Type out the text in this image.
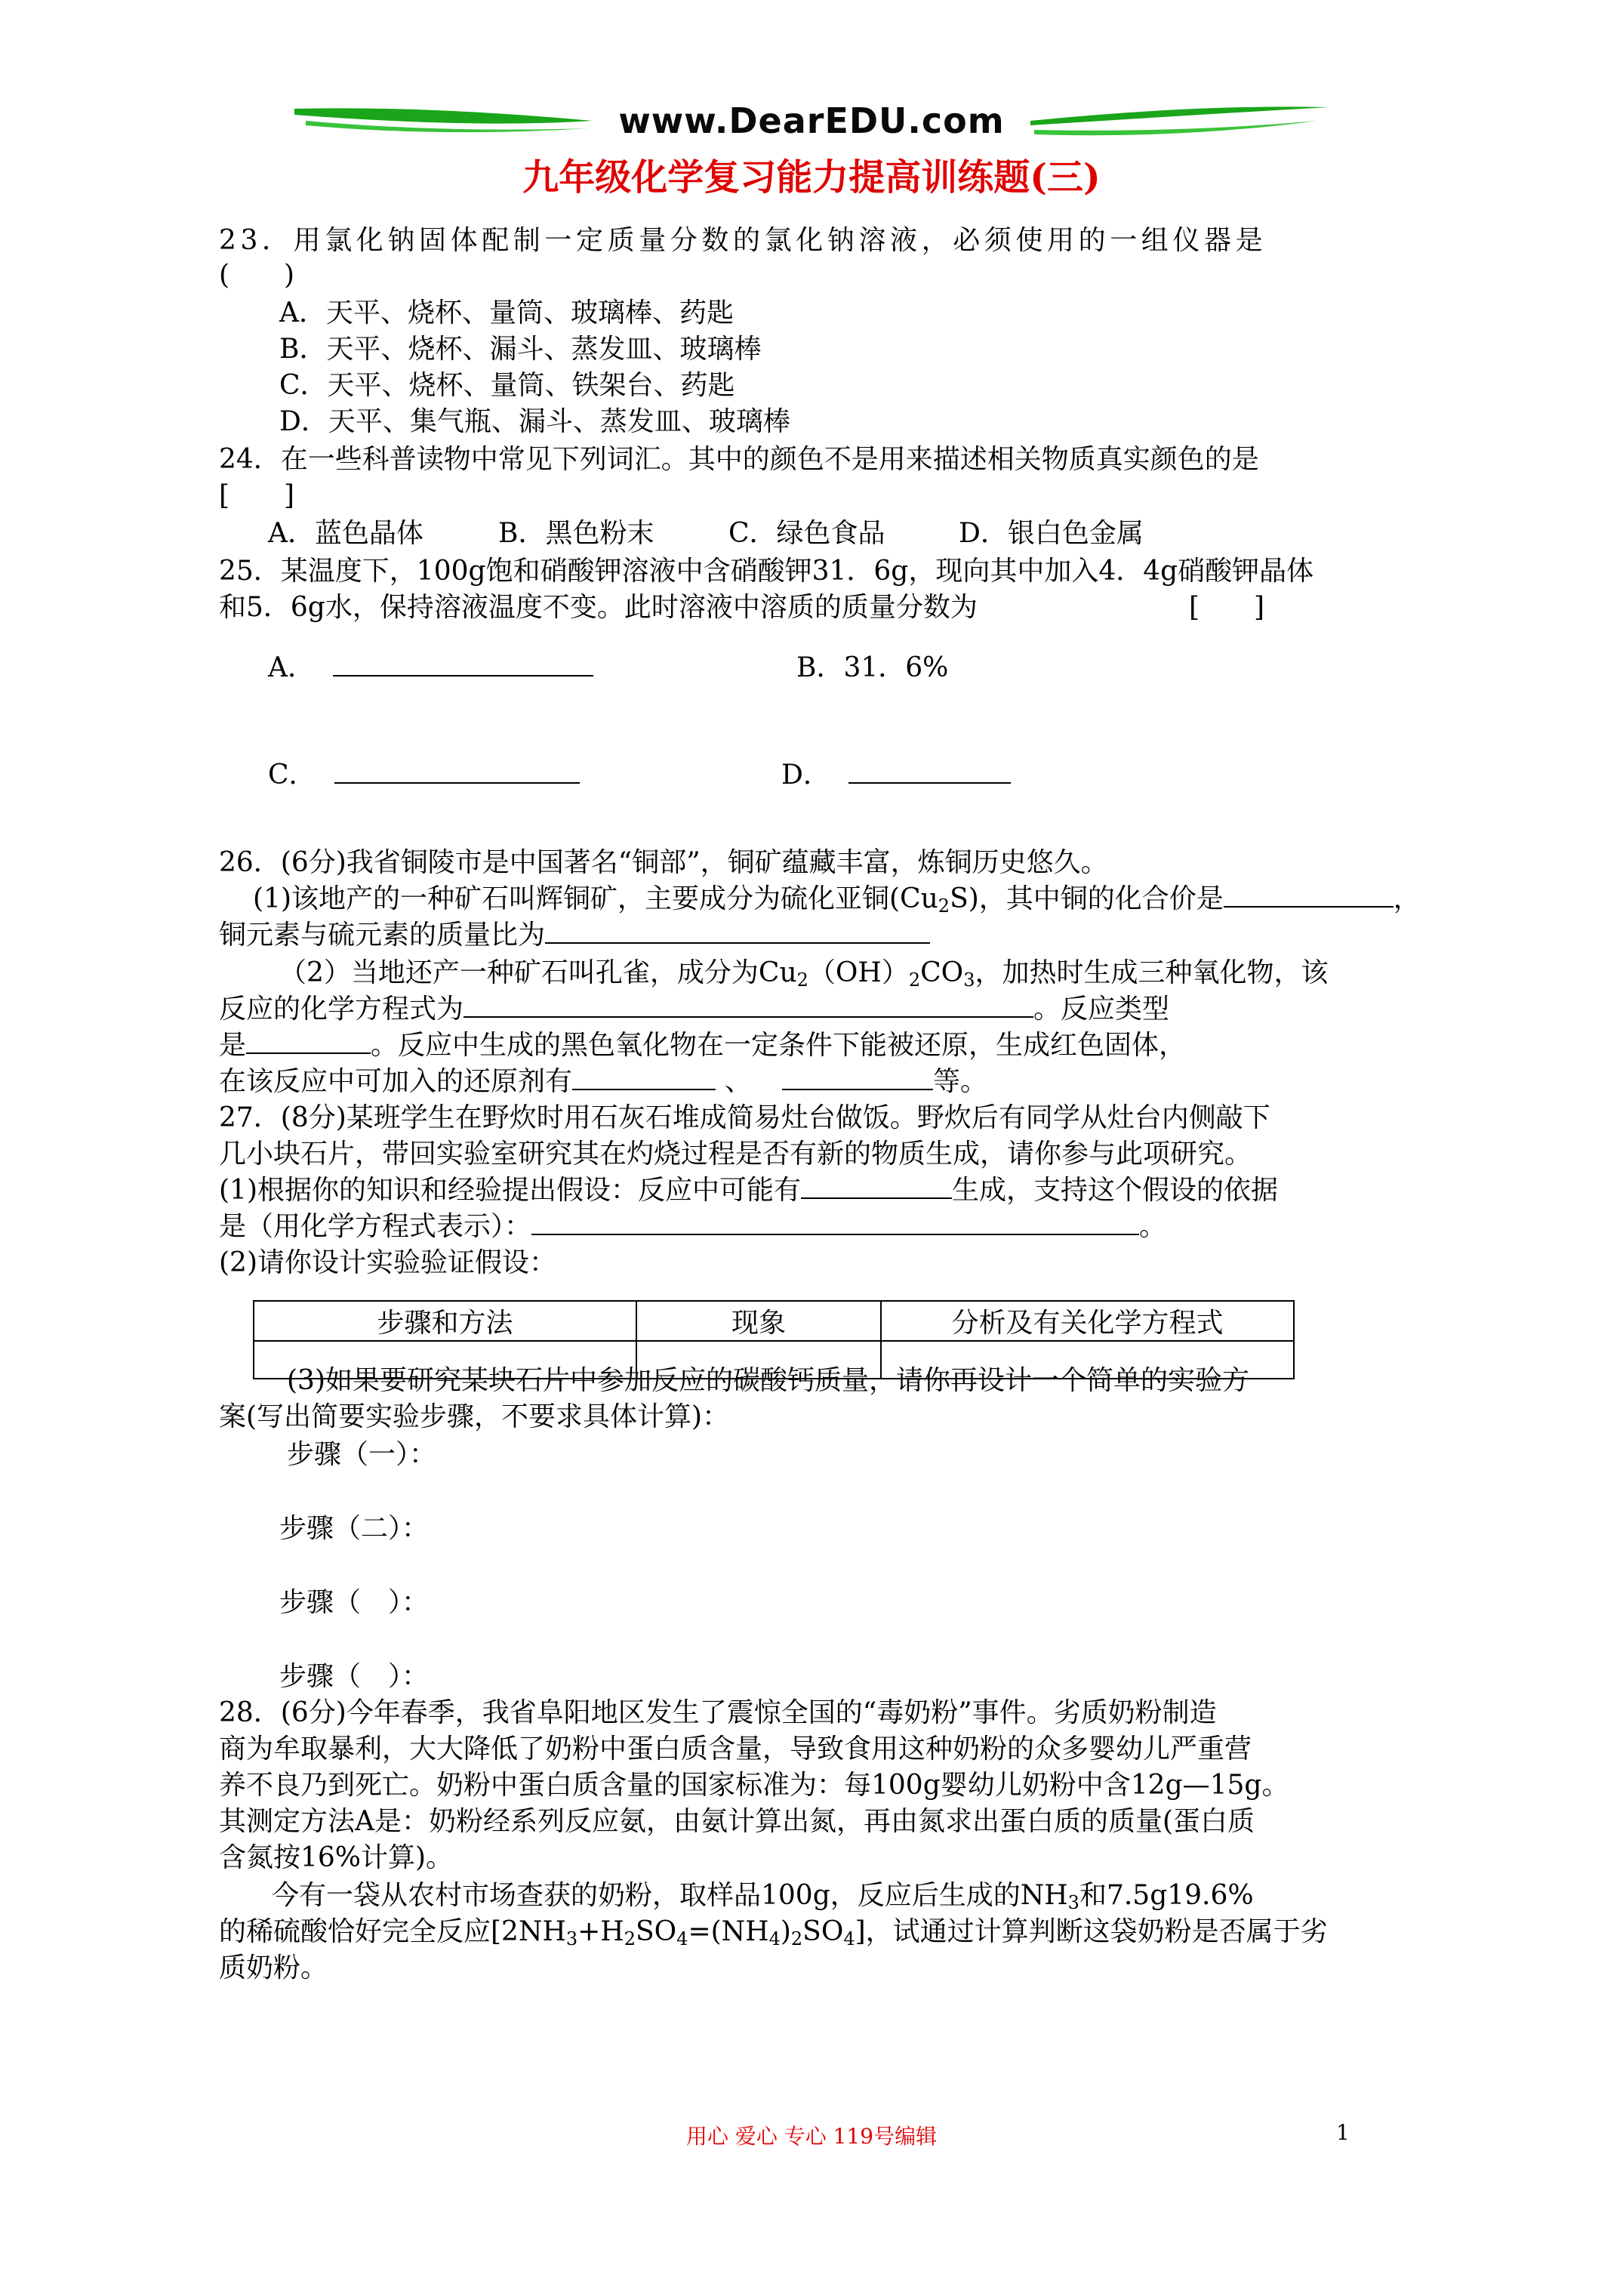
www.DearEDU.com
九年级化学复习能力提高训练题(三)
23．用氯化钠固体配制一定质量分数的氯化钠溶液，必须使用的一组仪器是
(　　)
A．天平、烧杯、量筒、玻璃棒、药匙
B．天平、烧杯、漏斗、蒸发皿、玻璃棒
C．天平、烧杯、量筒、铁架台、药匙
D．天平、集气瓶、漏斗、蒸发皿、玻璃棒
24．在一些科普读物中常见下列词汇。其中的颜色不是用来描述相关物质真实颜色的是
[　　]
A．蓝色晶体	B．黑色粉末	C．绿色食品	D．银白色金属
25．某温度下，100g饱和硝酸钾溶液中含硝酸钾31．6g，现向其中加入4．4g硝酸钾晶体
和5．6g水，保持溶液温度不变。此时溶液中溶质的质量分数为	[　　]
A．	B．31．6%
C．	D．
26．(6分)我省铜陵市是中国著名“铜部”，铜矿蕴藏丰富，炼铜历史悠久。
(1)该地产的一种矿石叫辉铜矿，主要成分为硫化亚铜$(Cu_2S)$，其中铜的化合价是	，
铜元素与硫元素的质量比为
（2）当地还产一种矿石叫孔雀，成分为$Cu_2(OH)_2CO_3$，加热时生成三种氧化物，该
反应的化学方程式为	。反应类型
是	。反应中生成的黑色氧化物在一定条件下能被还原，生成红色固体，
在该反应中可加入的还原剂有	、	等。
27．(8分)某班学生在野炊时用石灰石堆成简易灶台做饭。野炊后有同学从灶台内侧敲下
几小块石片，带回实验室研究其在灼烧过程是否有新的物质生成，请你参与此项研究。
(1)根据你的知识和经验提出假设：反应中可能有	生成，支持这个假设的依据
是（用化学方程式表示）：	。
(2)请你设计实验验证假设：
步骤和方法	现象	分析及有关化学方程式

(3)如果要研究某块石片中参加反应的碳酸钙质量，请你再设计一个简单的实验方
案(写出简要实验步骤，不要求具体计算)：
步骤（一）：
步骤（二）：
步骤（　）：
步骤（　）：
28．(6分)今年春季，我省阜阳地区发生了震惊全国的“毒奶粉”事件。劣质奶粉制造
商为牟取暴利，大大降低了奶粉中蛋白质含量，导致食用这种奶粉的众多婴幼儿严重营
养不良乃到死亡。奶粉中蛋白质含量的国家标准为：每100g婴幼儿奶粉中含12g—15g。
其测定方法A是：奶粉经系列反应氨，由氨计算出氮，再由氮求出蛋白质的质量(蛋白质
含氮按16%计算)。
今有一袋从农村市场查获的奶粉，取样品100g，反应后生成的$NH_3$和7.5g19.6%
的稀硫酸恰好完全反应$[2NH_3+H_2SO_4=(NH_4)_2SO_4]$，试通过计算判断这袋奶粉是否属于劣
质奶粉。
用心 爱心 专心 119号编辑	1
